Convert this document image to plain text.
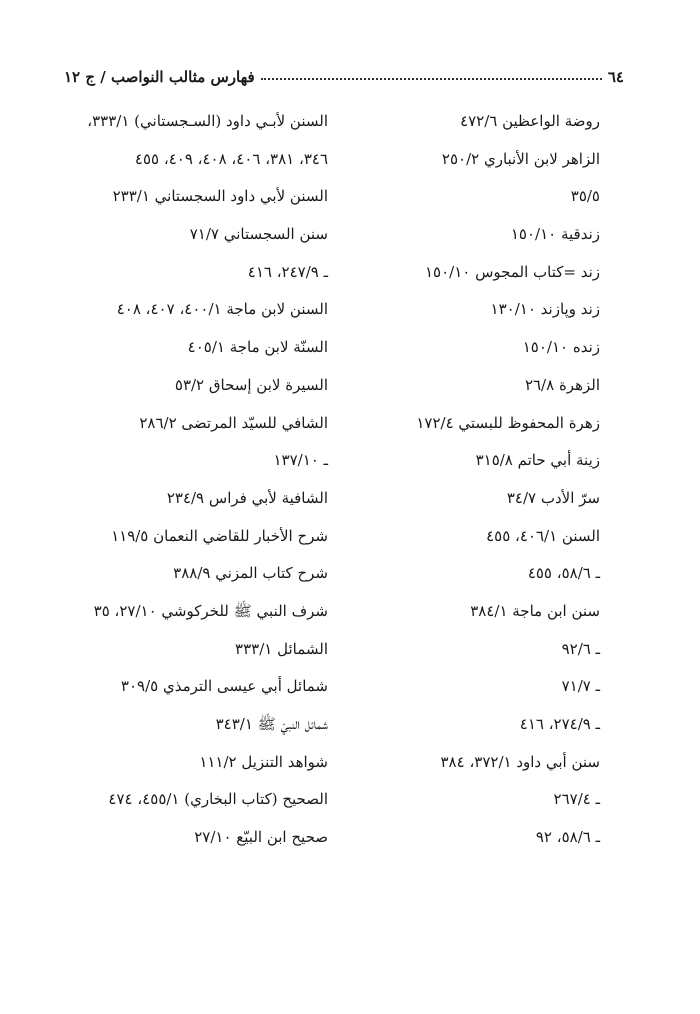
٦٤
فهارس مثالب النواصب / ج ١٢
روضة الواعظين ٤٧٢/٦
الزاهر لابن الأنباري ٢٥٠/٢
٣٥/٥
زندقية ١٥٠/١٠
زند =كتاب المجوس ١٥٠/١٠
زند وپازند ١٣٠/١٠
زنده ١٥٠/١٠
الزهرة ٢٦/٨
زهرة المحفوظ للبستي ١٧٢/٤
زينة أبي حاتم ٣١٥/٨
سرّ الأدب ٣٤/٧
السنن ٤٠٦/١، ٤٥٥
ـ ٥٨/٦، ٤٥٥
سنن ابن ماجة ٣٨٤/١
ـ ٩٢/٦
ـ ٧١/٧
ـ ٢٧٤/٩، ٤١٦
سنن أبي داود ٣٧٢/١، ٣٨٤
ـ ٢٦٧/٤
ـ ٥٨/٦، ٩٢
السنن لأبـي داود (السـجستاني) ٣٣٣/١،
٣٤٦، ٣٨١، ٤٠٦، ٤٠٨، ٤٠٩، ٤٥٥
السنن لأبي داود السجستاني ٢٣٣/١
سنن السجستاني ٧١/٧
ـ ٢٤٧/٩، ٤١٦
السنن لابن ماجة ٤٠٠/١، ٤٠٧، ٤٠٨
السنّة لابن ماجة ٤٠٥/١
السيرة لابن إسحاق ٥٣/٢
الشافي للسيّد المرتضى ٢٨٦/٢
ـ ١٣٧/١٠
الشافية لأبي فراس ٢٣٤/٩
شرح الأخبار للقاضي النعمان ١١٩/٥
شرح كتاب المزني ٣٨٨/٩
شرف النبي ﷺ للخركوشي ٢٧/١٠، ٣٥
الشمائل ٣٣٣/١
شمائل أبي عيسى الترمذي ٣٠٩/٥
شمائل النبيّ ﷺ ٣٤٣/١
شواهد التنزيل ١١١/٢
الصحيح (كتاب البخاري) ٤٥٥/١، ٤٧٤
صحيح ابن البيّع ٢٧/١٠
